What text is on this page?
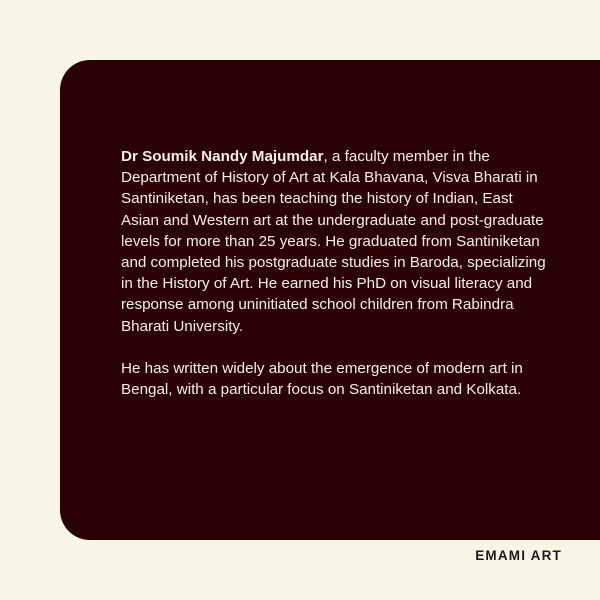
Dr Soumik Nandy Majumdar, a faculty member in the Department of History of Art at Kala Bhavana, Visva Bharati in Santiniketan, has been teaching the history of Indian, East Asian and Western art at the undergraduate and post-graduate levels for more than 25 years. He graduated from Santiniketan and completed his postgraduate studies in Baroda, specializing in the History of Art. He earned his PhD on visual literacy and response among uninitiated school children from Rabindra Bharati University.

He has written widely about the emergence of modern art in Bengal, with a particular focus on Santiniketan and Kolkata.

EMAMI ART
